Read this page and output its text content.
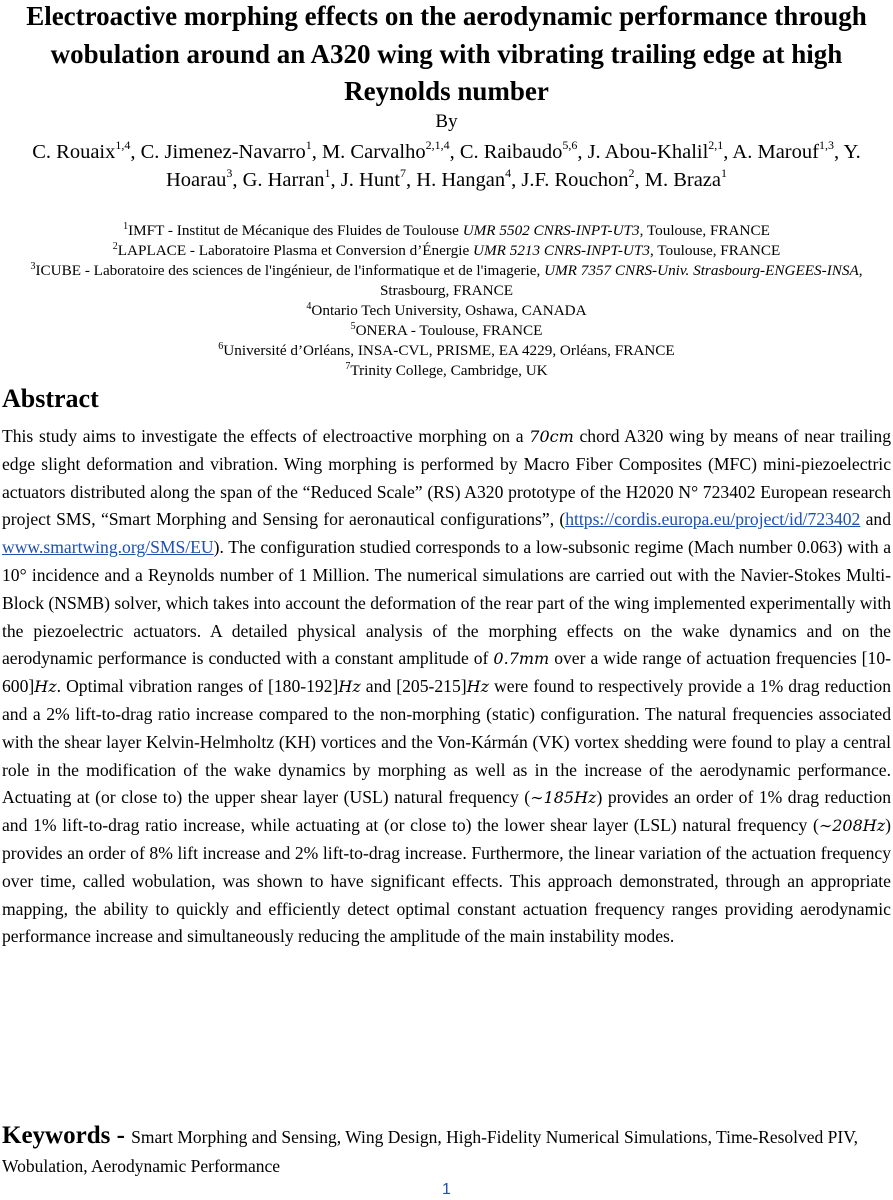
Electroactive morphing effects on the aerodynamic performance through wobulation around an A320 wing with vibrating trailing edge at high Reynolds number
By
C. Rouaix$^{1,4}$, C. Jimenez-Navarro$^1$, M. Carvalho$^{2,1,4}$, C. Raibaudo$^{5,6}$, J. Abou-Khalil$^{2,1}$, A. Marouf$^{1,3}$, Y. Hoarau$^3$, G. Harran$^1$, J. Hunt$^7$, H. Hangan$^4$, J.F. Rouchon$^2$, M. Braza$^1$
$^1$IMFT - Institut de Mécanique des Fluides de Toulouse UMR 5502 CNRS-INPT-UT3, Toulouse, FRANCE
$^2$LAPLACE - Laboratoire Plasma et Conversion d’Énergie UMR 5213 CNRS-INPT-UT3, Toulouse, FRANCE
$^3$ICUBE - Laboratoire des sciences de l'ingénieur, de l'informatique et de l'imagerie, UMR 7357 CNRS-Univ. Strasbourg-ENGEES-INSA, Strasbourg, FRANCE
$^4$Ontario Tech University, Oshawa, CANADA
$^5$ONERA - Toulouse, FRANCE
$^6$Université d’Orléans, INSA-CVL, PRISME, EA 4229, Orléans, FRANCE
$^7$Trinity College, Cambridge, UK
Abstract

This study aims to investigate the effects of electroactive morphing on a 70cm chord A320 wing by means of near trailing edge slight deformation and vibration. Wing morphing is performed by Macro Fiber Composites (MFC) mini-piezoelectric actuators distributed along the span of the “Reduced Scale” (RS) A320 prototype of the H2020 N° 723402 European research project SMS, “Smart Morphing and Sensing for aeronautical configurations”, (https://cordis.europa.eu/project/id/723402 and www.smartwing.org/SMS/EU). The configuration studied corresponds to a low-subsonic regime (Mach number 0.063) with a 10° incidence and a Reynolds number of 1 Million. The numerical simulations are carried out with the Navier-Stokes Multi-Block (NSMB) solver, which takes into account the deformation of the rear part of the wing implemented experimentally with the piezoelectric actuators. A detailed physical analysis of the morphing effects on the wake dynamics and on the aerodynamic performance is conducted with a constant amplitude of 0.7mm over a wide range of actuation frequencies [10-600]Hz. Optimal vibration ranges of [180-192]Hz and [205-215]Hz were found to respectively provide a 1% drag reduction and a 2% lift-to-drag ratio increase compared to the non-morphing (static) configuration. The natural frequencies associated with the shear layer Kelvin-Helmholtz (KH) vortices and the Von-Kármán (VK) vortex shedding were found to play a central role in the modification of the wake dynamics by morphing as well as in the increase of the aerodynamic performance. Actuating at (or close to) the upper shear layer (USL) natural frequency (∼185Hz) provides an order of 1% drag reduction and 1% lift-to-drag ratio increase, while actuating at (or close to) the lower shear layer (LSL) natural frequency (∼208Hz) provides an order of 8% lift increase and 2% lift-to-drag increase. Furthermore, the linear variation of the actuation frequency over time, called wobulation, was shown to have significant effects. This approach demonstrated, through an appropriate mapping, the ability to quickly and efficiently detect optimal constant actuation frequency ranges providing aerodynamic performance increase and simultaneously reducing the amplitude of the main instability modes.

Keywords - Smart Morphing and Sensing, Wing Design, High-Fidelity Numerical Simulations, Time-Resolved PIV, Wobulation, Aerodynamic Performance
1
